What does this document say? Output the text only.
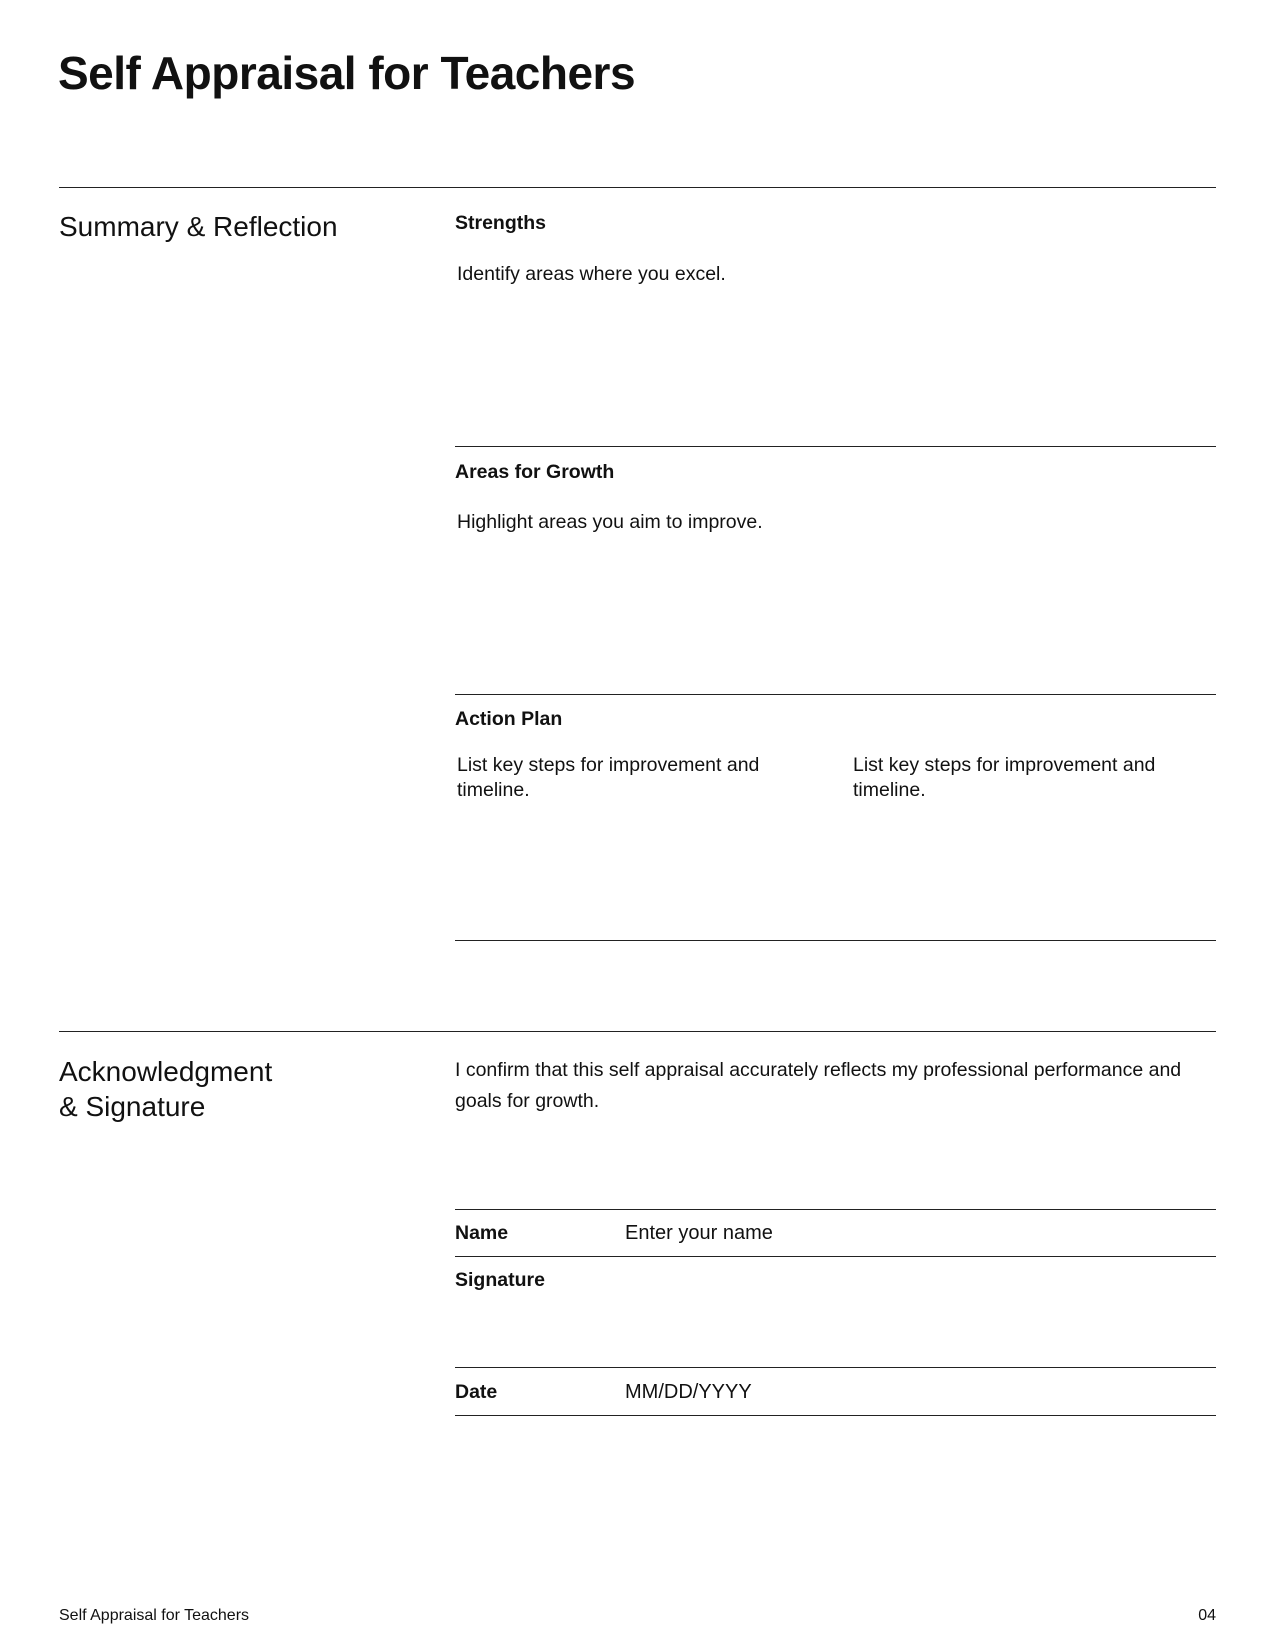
Self Appraisal for Teachers
Summary & Reflection	Strengths
Identify areas where you excel.
Areas for Growth
Highlight areas you aim to improve.
Action Plan
List key steps for improvement and timeline.
List key steps for improvement and timeline.
Acknowledgment
& Signature
I confirm that this self appraisal accurately reflects my professional performance and goals for growth.
Name	Enter your name
Signature
Date	MM/DD/YYYY
Self Appraisal for Teachers	04
